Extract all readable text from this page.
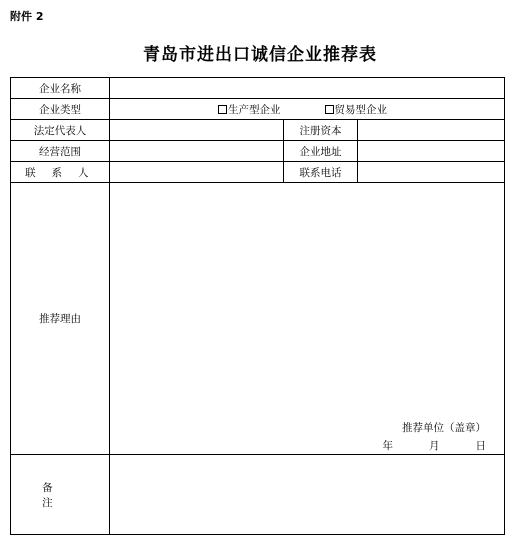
附件 2
青岛市进出口诚信企业推荐表
企业名称			
企业类型	生产型企业 贸易型企业		

法定代表人		注册资本	
经营范围		企业地址	
联 系 人		联系电话	
推荐理由	推荐单位（盖章）
年 月 日		

备 注			
